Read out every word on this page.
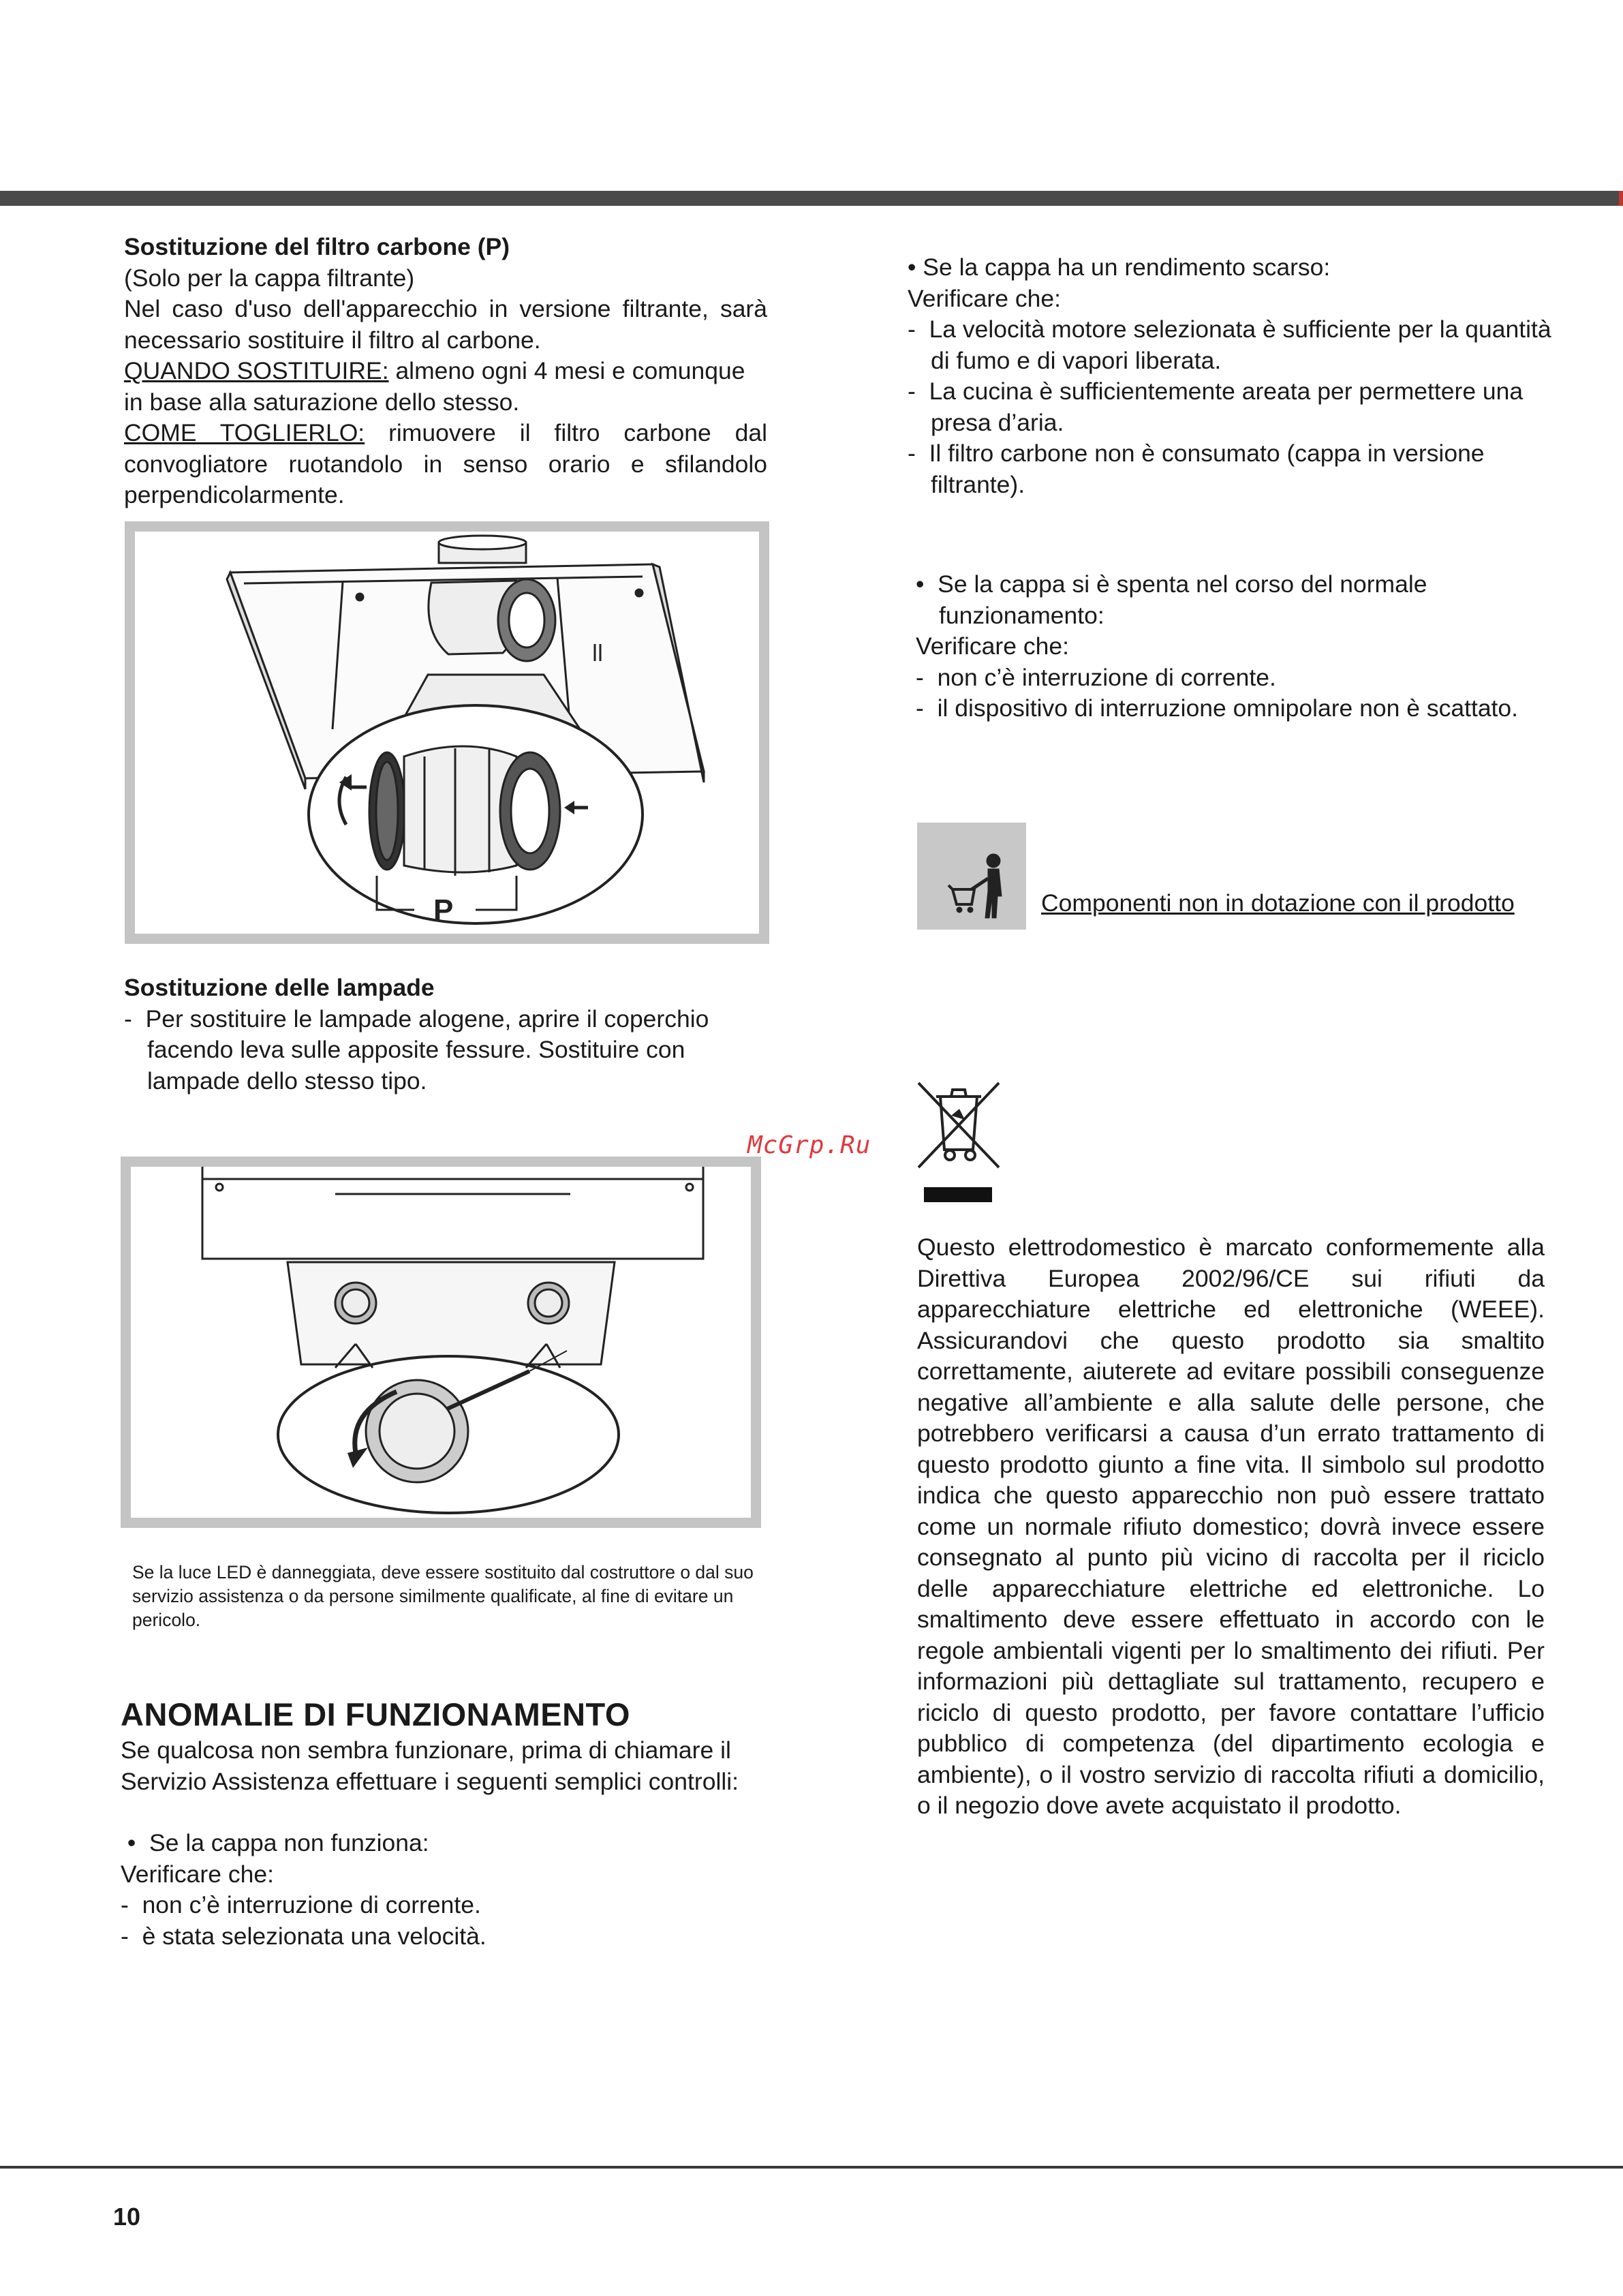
Sostituzione del filtro carbone (P)
(Solo per la cappa filtrante)
Nel caso d'uso dell'apparecchio in versione filtrante, sarà necessario sostituire il filtro al carbone.
QUANDO SOSTITUIRE: almeno ogni 4 mesi e comunque in base alla saturazione dello stesso.
COME TOGLIERLO: rimuovere il filtro carbone dal convogliatore ruotandolo in senso orario e sfilandolo perpendicolarmente.
P
Sostituzione delle lampade
-  Per sostituire le lampade alogene, aprire il coperchio facendo leva sulle apposite fessure. Sostituire con lampade dello stesso tipo.
Se la luce LED è danneggiata, deve essere sostituito dal costruttore o dal suo servizio assistenza o da persone similmente qualificate, al fine di evitare un pericolo.
ANOMALIE DI FUNZIONAMENTO
Se qualcosa non sembra funzionare, prima di chiamare il Servizio Assistenza effettuare i seguenti semplici controlli:
•  Se la cappa non funziona:
Verificare che:
-  non c’è interruzione di corrente.
-  è stata selezionata una velocità.
• Se la cappa ha un rendimento scarso:
Verificare che:
-  La velocità motore selezionata è sufficiente per la quantità di fumo e di vapori liberata.
-  La cucina è sufficientemente areata per permettere una presa d’aria.
-  Il filtro carbone non è consumato (cappa in versione filtrante).
•  Se la cappa si è spenta nel corso del normale funzionamento:
Verificare che:
-  non c’è interruzione di corrente.
-  il dispositivo di interruzione omnipolare non è scattato.
Componenti non in dotazione con il prodotto
McGrp.Ru
Questo elettrodomestico è marcato conformemente alla Direttiva Europea 2002/96/CE sui rifiuti da apparecchiature elettriche ed elettroniche (WEEE). Assicurandovi che questo prodotto sia smaltito correttamente, aiuterete ad evitare possibili conseguenze negative all’ambiente e alla salute delle persone, che potrebbero verificarsi a causa d’un errato trattamento di questo prodotto giunto a fine vita. Il simbolo sul prodotto indica che questo apparecchio non può essere trattato come un normale rifiuto domestico; dovrà invece essere consegnato al punto più vicino di raccolta per il riciclo delle apparecchiature elettriche ed elettroniche. Lo smaltimento deve essere effettuato in accordo con le regole ambientali vigenti per lo smaltimento dei rifiuti. Per informazioni più dettagliate sul trattamento, recupero e riciclo di questo prodotto, per favore contattare l’ufficio pubblico di competenza (del dipartimento ecologia e ambiente), o il vostro servizio di raccolta rifiuti a domicilio, o il negozio dove avete acquistato il prodotto.
10
